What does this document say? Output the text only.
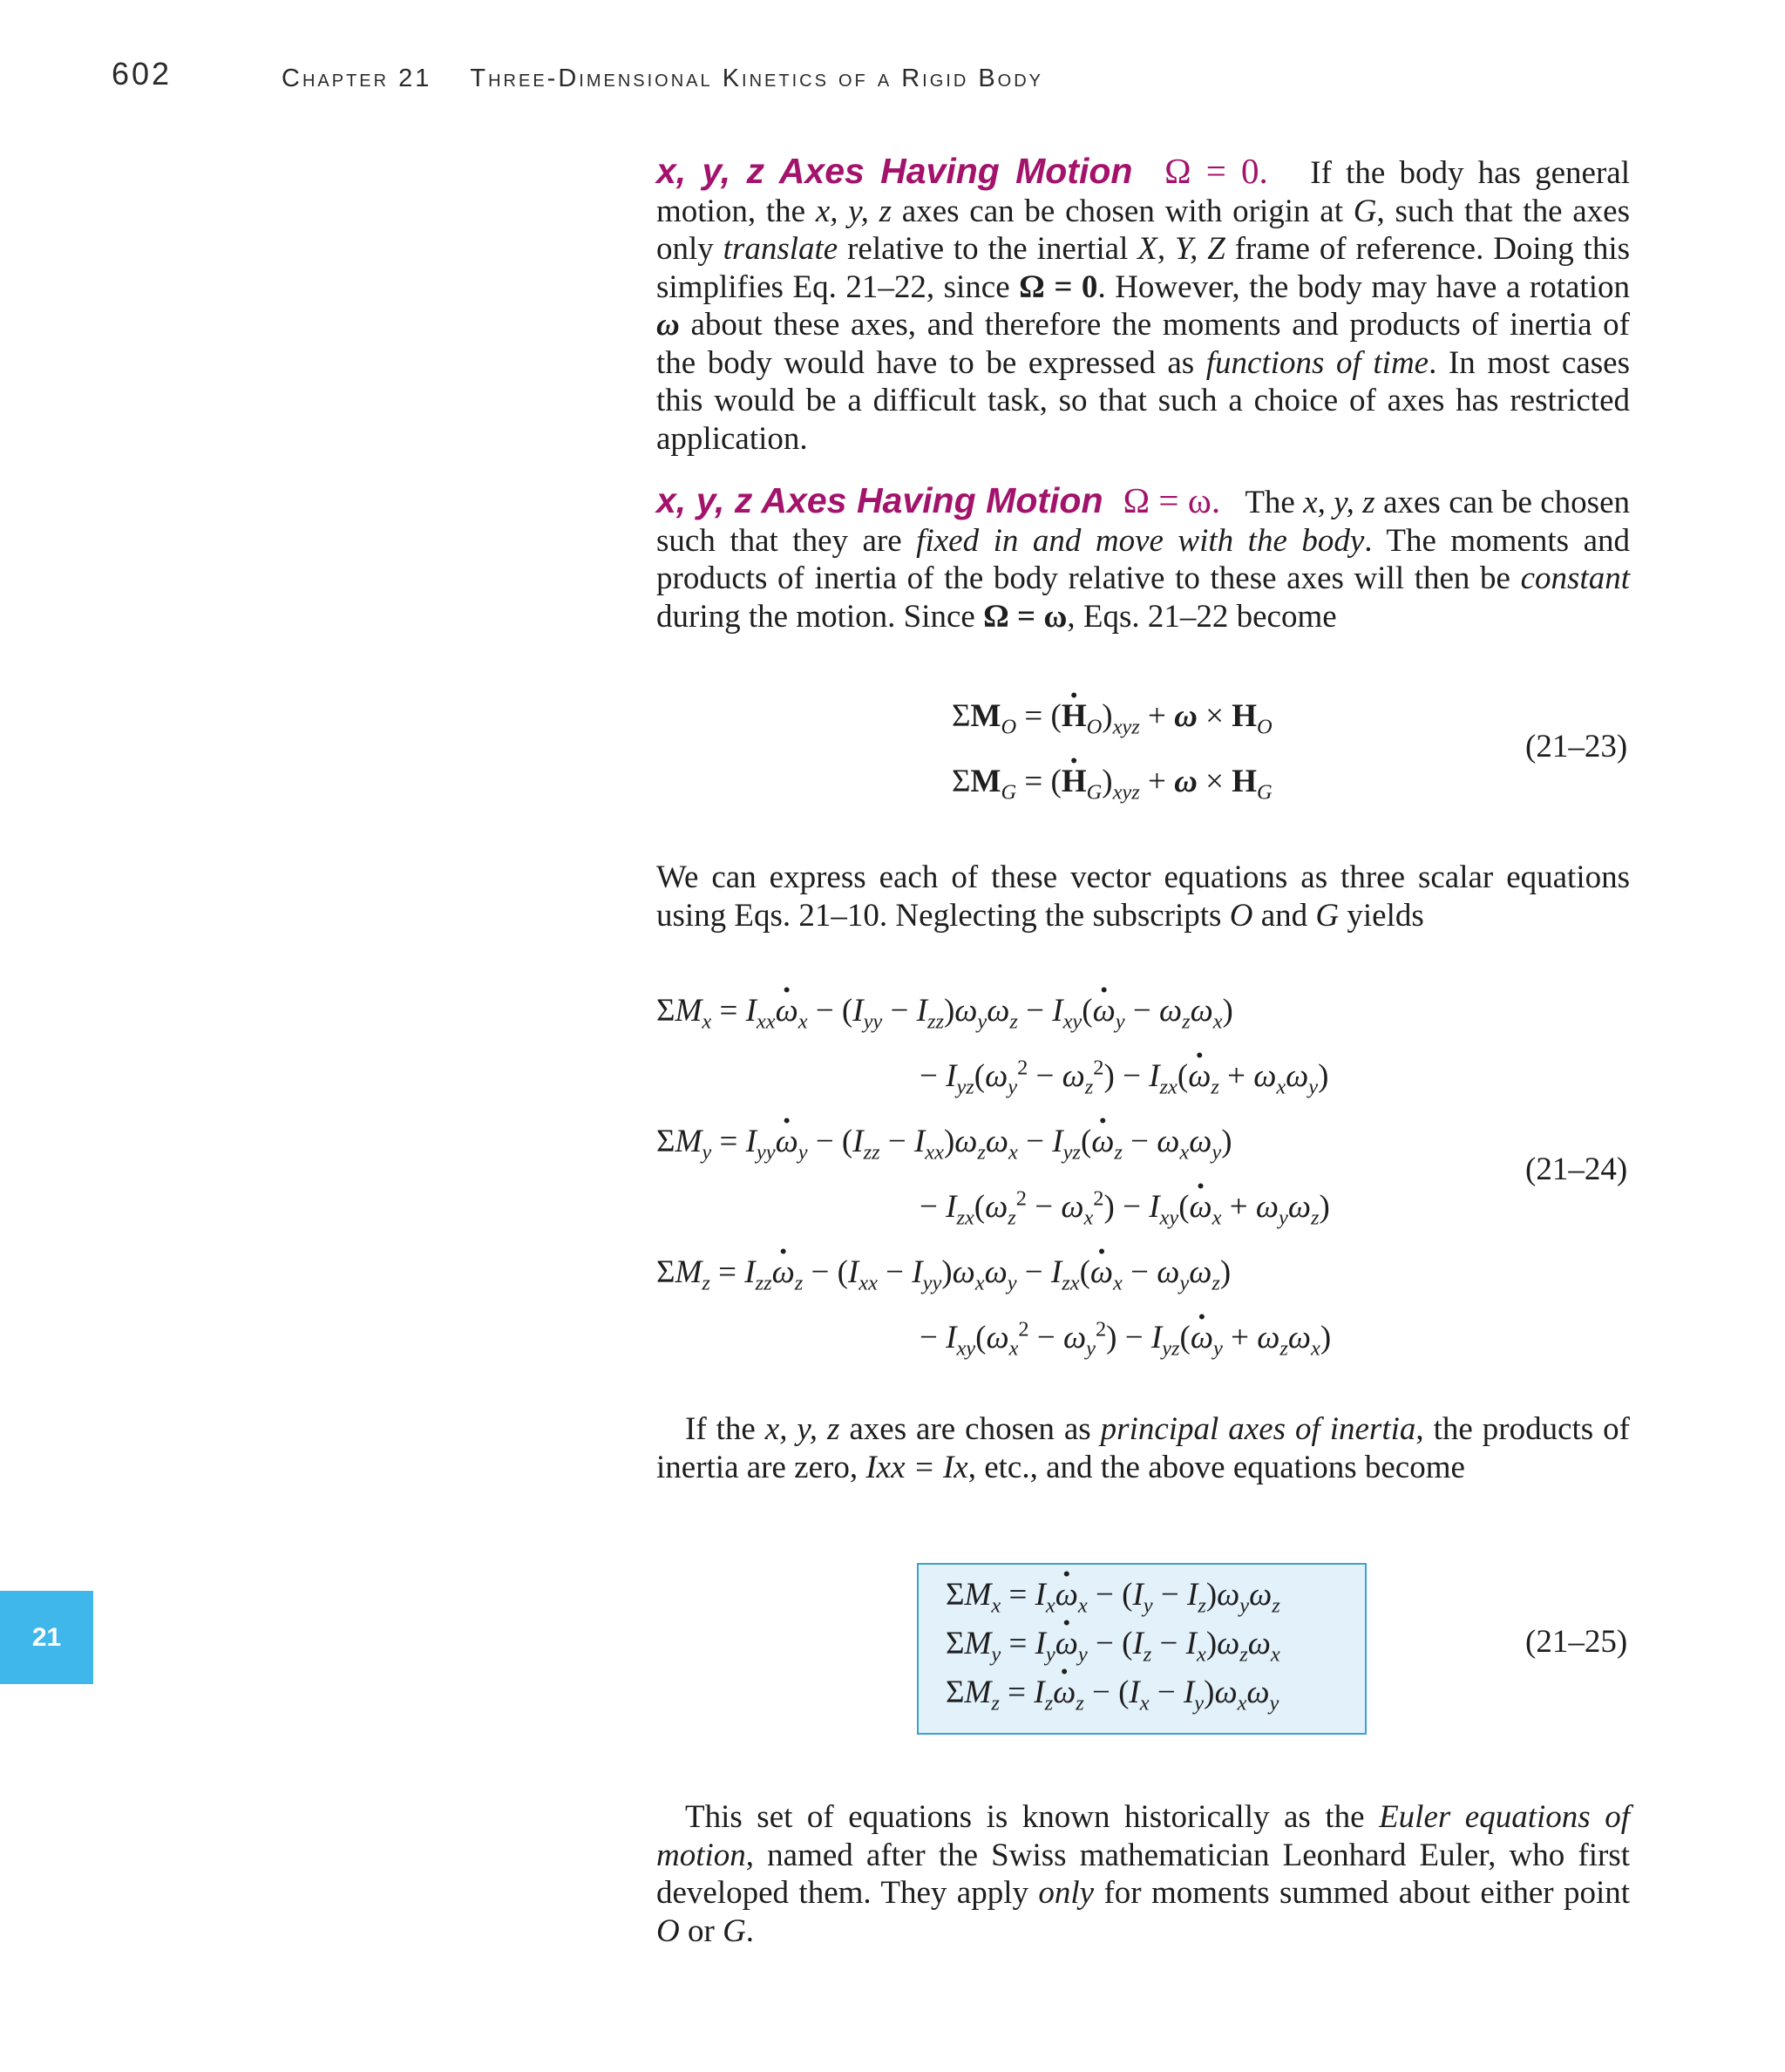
602	Chapter 21 Three-Dimensional Kinetics of a Rigid Body

x, y, z Axes Having Motion Ω = 0. If the body has general motion, the x, y, z axes can be chosen with origin at G, such that the axes only translate relative to the inertial X, Y, Z frame of reference. Doing this simplifies Eq. 21–22, since Ω = 0. However, the body may have a rotation ω about these axes, and therefore the moments and products of inertia of the body would have to be expressed as functions of time. In most cases this would be a difficult task, so that such a choice of axes has restricted application.

x, y, z Axes Having Motion Ω = ω. The x, y, z axes can be chosen such that they are fixed in and move with the body. The moments and products of inertia of the body relative to these axes will then be constant during the motion. Since Ω = ω, Eqs. 21–22 become

$\Sigma M_O = (H \cdot_O)_{xyz} + \omega \times H_O$
$\Sigma M_G = (H \cdot_G)_{xyz} + \omega \times H_G$
(21–23)

We can express each of these vector equations as three scalar equations using Eqs. 21–10. Neglecting the subscripts O and G yields

$\Sigma M_x = I_{xx}\omega \cdot_x - (I_{yy} - I_{zz})\omega_y\omega_z - I_{xy}(\omega \cdot_y - \omega_z\omega_x)$
− $I_{yz}(\omega_y^2 - \omega_z^2) - I_{zx}(\omega \cdot_z + \omega_x\omega_y)$
$\Sigma M_y = I_{yy}\omega \cdot_y - (I_{zz} - I_{xx})\omega_z\omega_x - I_{yz}(\omega \cdot_z - \omega_x\omega_y)$
− $I_{zx}(\omega_z^2 - \omega_x^2) - I_{xy}(\omega \cdot_x + \omega_y\omega_z)$
$\Sigma M_z = I_{zz}\omega \cdot_z - (I_{xx} - I_{yy})\omega_x\omega_y - I_{zx}(\omega \cdot_x - \omega_y\omega_z)$
− $I_{xy}(\omega_x^2 - \omega_y^2) - I_{yz}(\omega \cdot_y + \omega_z\omega_x)$
(21–24)

If the x, y, z axes are chosen as principal axes of inertia, the products of inertia are zero, Ixx = Ix, etc., and the above equations become

$\Sigma M_x = I_x\omega \cdot_x - (I_y - I_z)\omega_y\omega_z$
$\Sigma M_y = I_y\omega \cdot_y - (I_z - I_x)\omega_z\omega_x$
$\Sigma M_z = I_z\omega \cdot_z - (I_x - I_y)\omega_x\omega_y$
(21–25)

This set of equations is known historically as the Euler equations of motion, named after the Swiss mathematician Leonhard Euler, who first developed them. They apply only for moments summed about either point O or G.

21
